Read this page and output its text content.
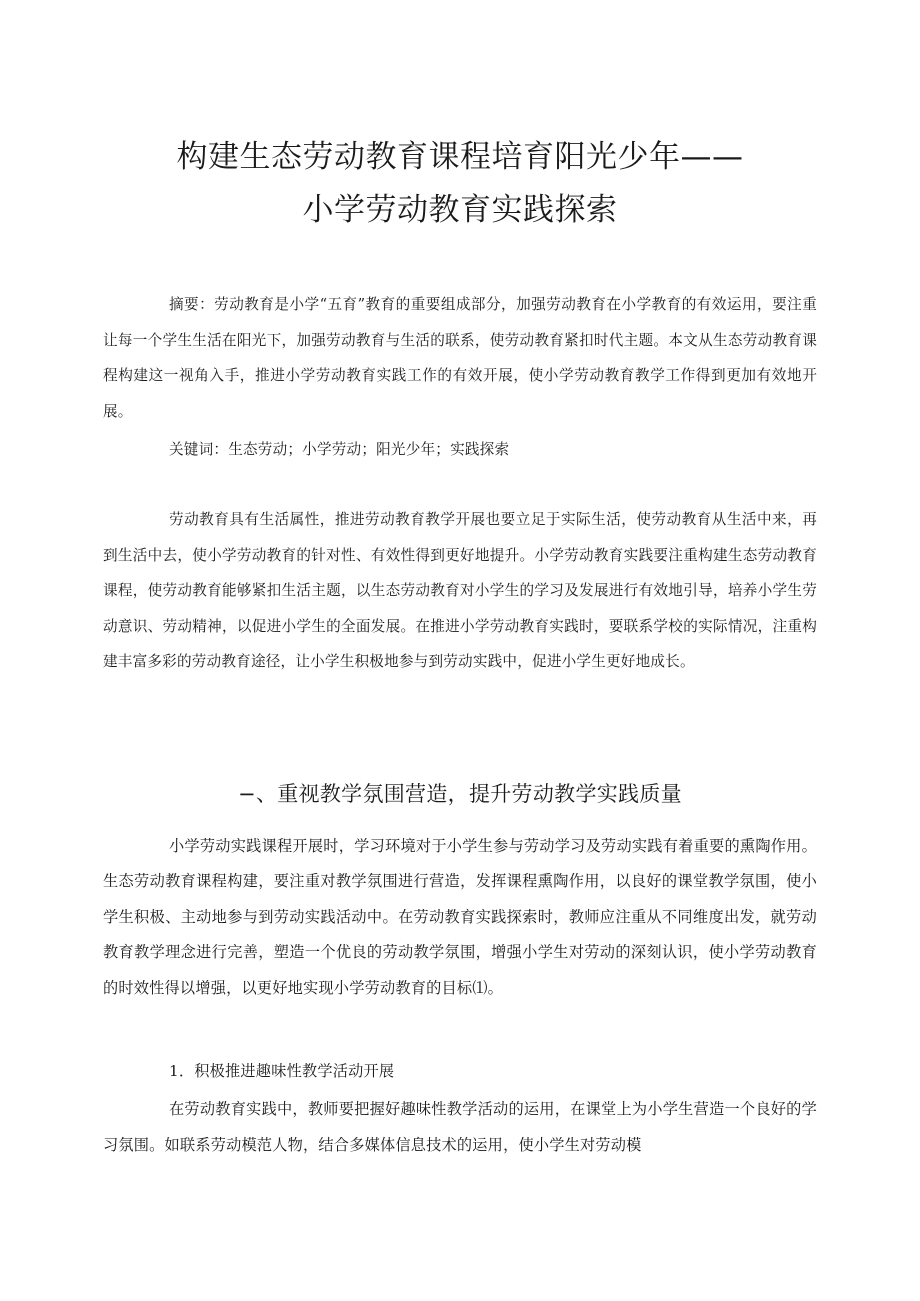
构建生态劳动教育课程培育阳光少年——
小学劳动教育实践探索

摘要：劳动教育是小学“五育”教育的重要组成部分，加强劳动教育在小学教育的有效运用，要注重让每一个学生生活在阳光下，加强劳动教育与生活的联系，使劳动教育紧扣时代主题。本文从生态劳动教育课程构建这一视角入手，推进小学劳动教育实践工作的有效开展，使小学劳动教育教学工作得到更加有效地开展。

关键词：生态劳动；小学劳动；阳光少年；实践探索

劳动教育具有生活属性，推进劳动教育教学开展也要立足于实际生活，使劳动教育从生活中来，再到生活中去，使小学劳动教育的针对性、有效性得到更好地提升。小学劳动教育实践要注重构建生态劳动教育课程，使劳动教育能够紧扣生活主题，以生态劳动教育对小学生的学习及发展进行有效地引导，培养小学生劳动意识、劳动精神，以促进小学生的全面发展。在推进小学劳动教育实践时，要联系学校的实际情况，注重构建丰富多彩的劳动教育途径，让小学生积极地参与到劳动实践中，促进小学生更好地成长。

−、重视教学氛围营造，提升劳动教学实践质量

小学劳动实践课程开展时，学习环境对于小学生参与劳动学习及劳动实践有着重要的熏陶作用。生态劳动教育课程构建，要注重对教学氛围进行营造，发挥课程熏陶作用，以良好的课堂教学氛围，使小学生积极、主动地参与到劳动实践活动中。在劳动教育实践探索时，教师应注重从不同维度出发，就劳动教育教学理念进行完善，塑造一个优良的劳动教学氛围，增强小学生对劳动的深刻认识，使小学劳动教育的时效性得以增强，以更好地实现小学劳动教育的目标⑴。

1．积极推进趣味性教学活动开展

在劳动教育实践中，教师要把握好趣味性教学活动的运用，在课堂上为小学生营造一个良好的学习氛围。如联系劳动模范人物，结合多媒体信息技术的运用，使小学生对劳动模
